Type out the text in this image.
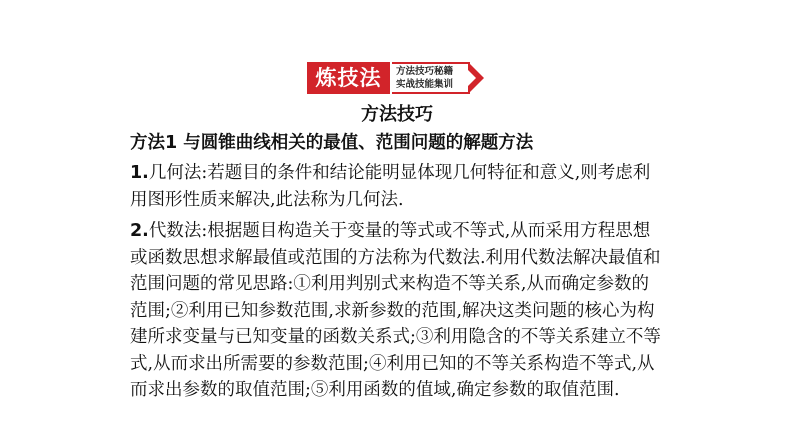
炼技法	方法技巧秘籍
实战技能集训
方法技巧
方法1 与圆锥曲线相关的最值、范围问题的解题方法
1.几何法:若题目的条件和结论能明显体现几何特征和意义,则考虑利用图形性质来解决,此法称为几何法.
2.代数法:根据题目构造关于变量的等式或不等式,从而采用方程思想或函数思想求解最值或范围的方法称为代数法.利用代数法解决最值和范围问题的常见思路:①利用判别式来构造不等关系,从而确定参数的范围;②利用已知参数范围,求新参数的范围,解决这类问题的核心为构建所求变量与已知变量的函数关系式;③利用隐含的不等关系建立不等式,从而求出所需要的参数范围;④利用已知的不等关系构造不等式,从而求出参数的取值范围;⑤利用函数的值域,确定参数的取值范围.
